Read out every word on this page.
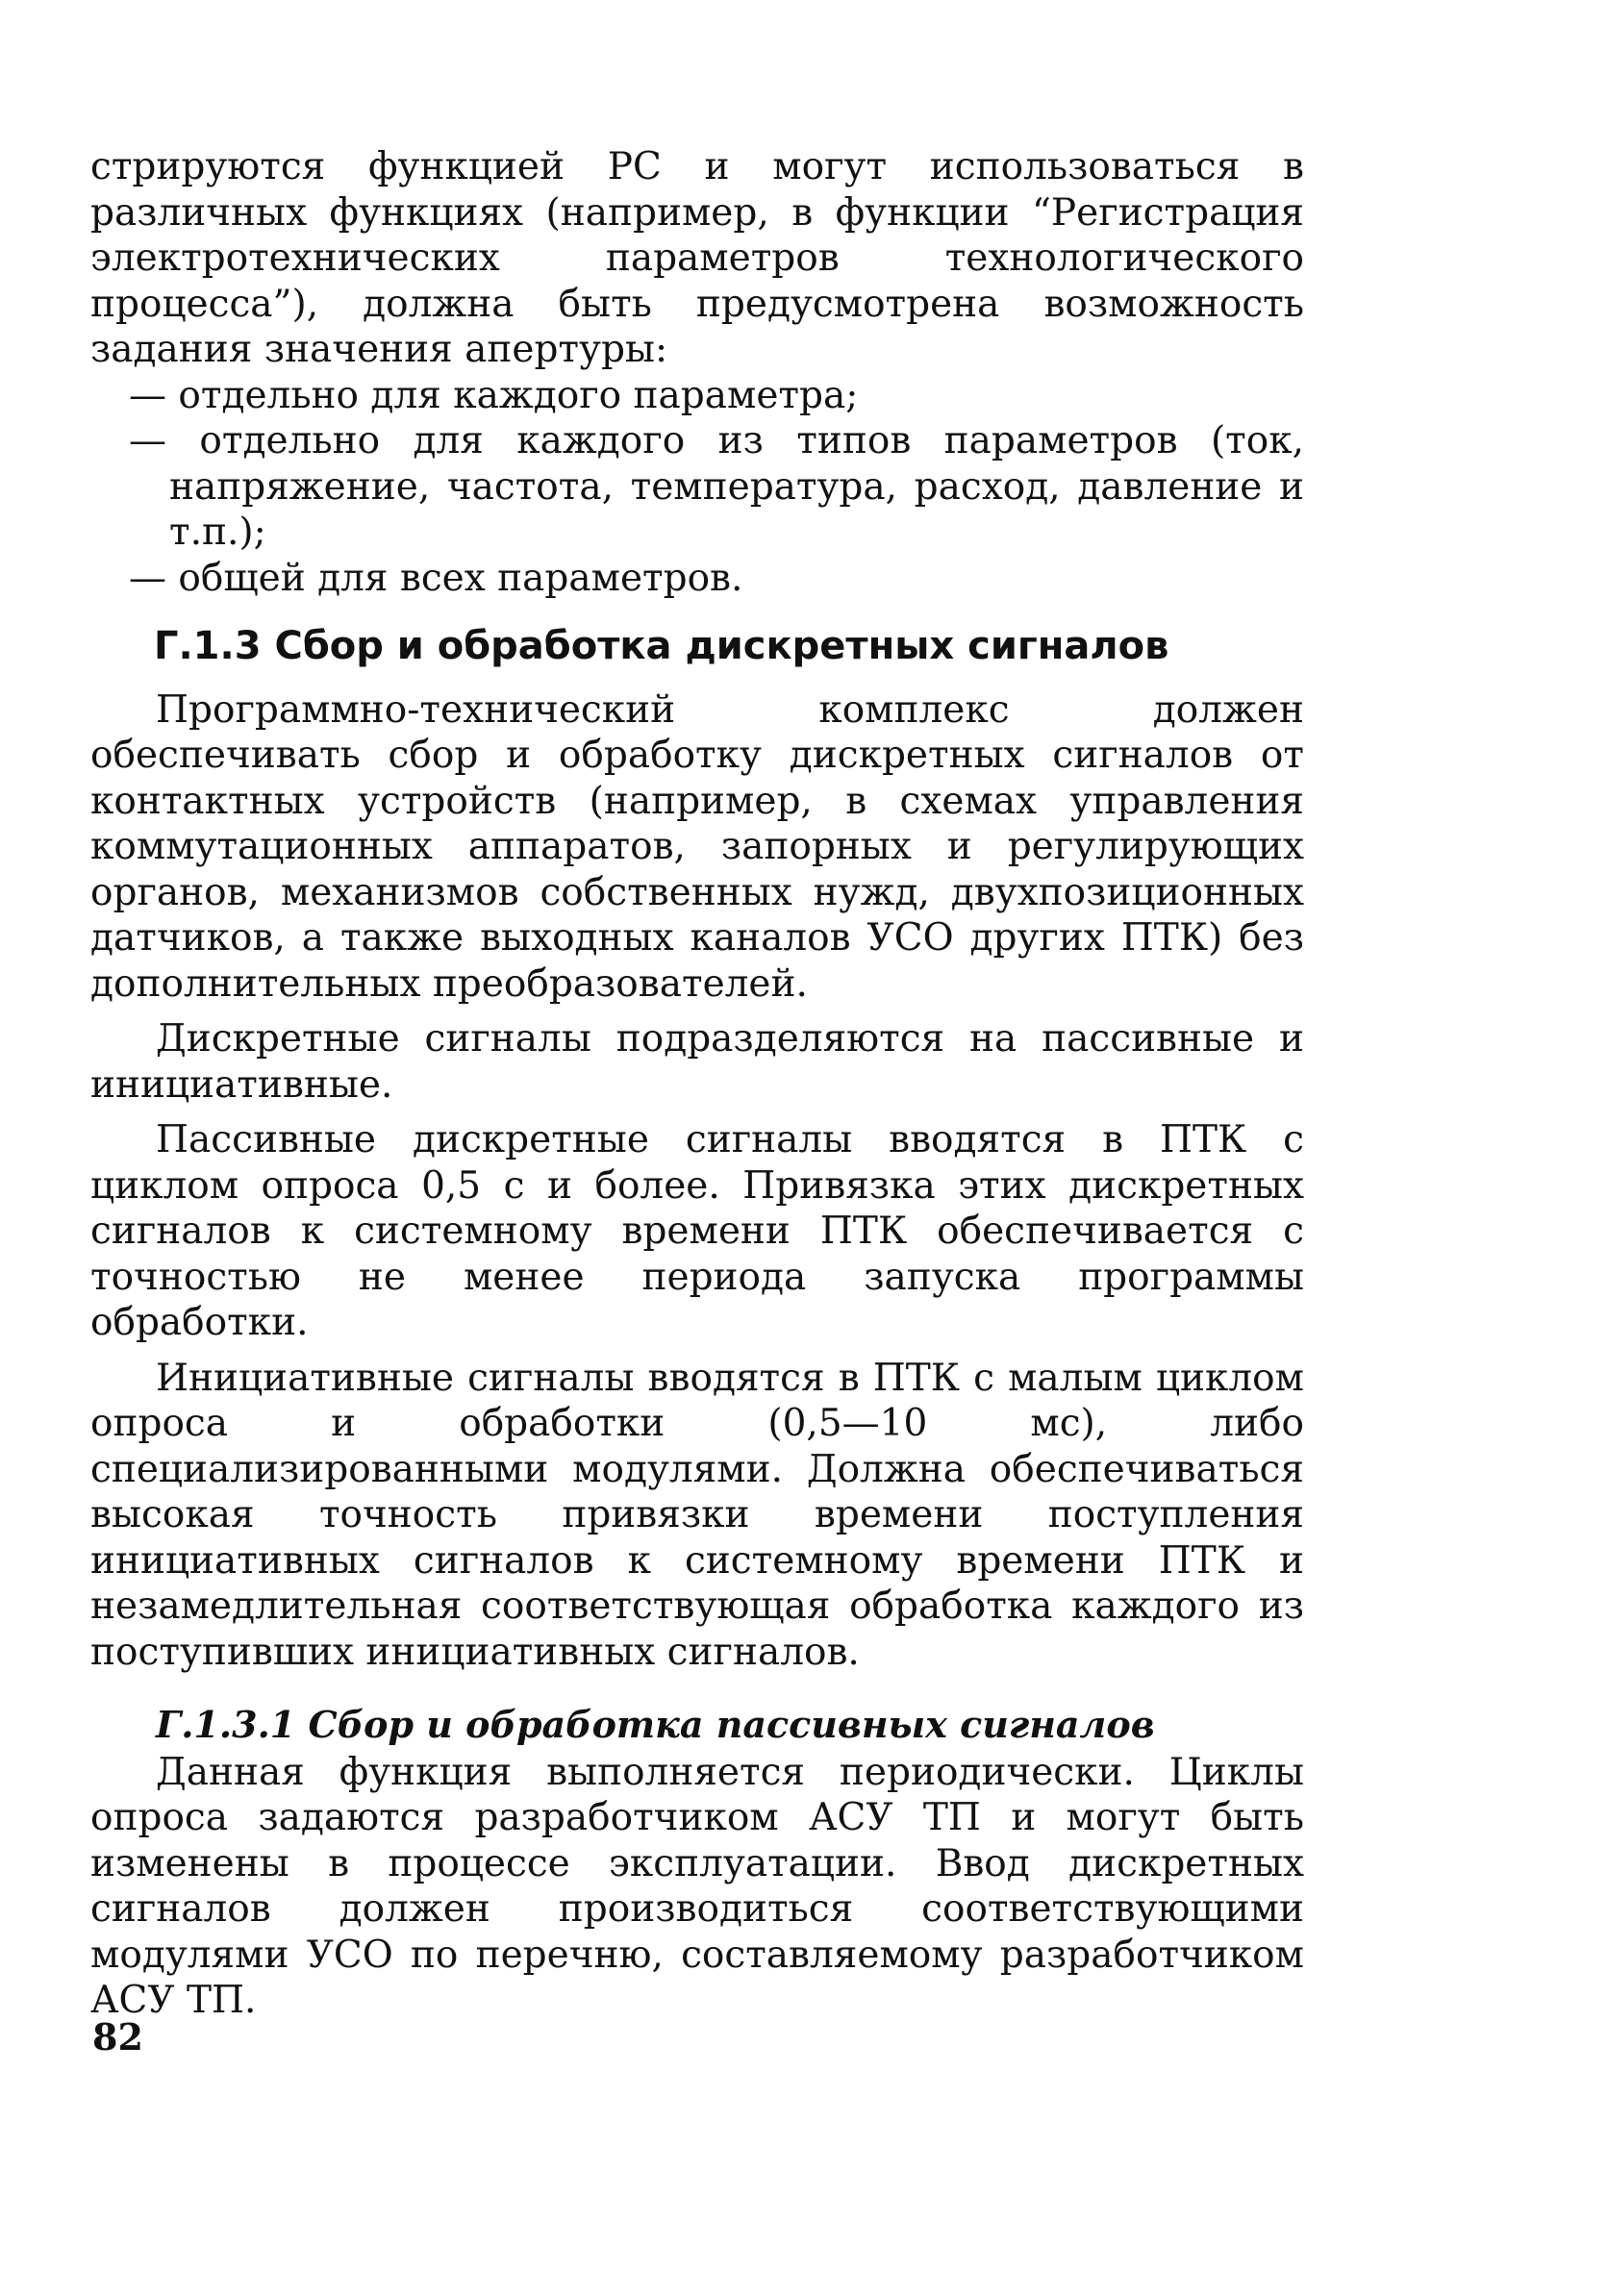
стрируются функцией РС и могут использоваться в различных функциях (например, в функции “Регистрация электротехнических параметров технологического процесса”), должна быть предусмотрена возможность задания значения апертуры:

— отдельно для каждого параметра;

— отдельно для каждого из типов параметров (ток, напряжение, частота, температура, расход, давление и т.п.);

— общей для всех параметров.

Г.1.3 Сбор и обработка дискретных сигналов

Программно-технический комплекс должен обеспечивать сбор и обработку дискретных сигналов от контактных устройств (например, в схемах управления коммутационных аппаратов, запорных и регулирующих органов, механизмов собственных нужд, двухпозиционных датчиков, а также выходных каналов УСО других ПТК) без дополнительных преобразователей.

Дискретные сигналы подразделяются на пассивные и инициативные.

Пассивные дискретные сигналы вводятся в ПТК с циклом опроса 0,5 с и более. Привязка этих дискретных сигналов к системному времени ПТК обеспечивается с точностью не менее периода запуска программы обработки.

Инициативные сигналы вводятся в ПТК с малым циклом опроса и обработки (0,5—10 мс), либо специализированными модулями. Должна обеспечиваться высокая точность привязки времени поступления инициативных сигналов к системному времени ПТК и незамедлительная соответствующая обработка каждого из поступивших инициативных сигналов.

Г.1.3.1 Сбор и обработка пассивных сигналов

Данная функция выполняется периодически. Циклы опроса задаются разработчиком АСУ ТП и могут быть изменены в процессе эксплуатации. Ввод дискретных сигналов должен производиться соответствующими модулями УСО по перечню, составляемому разработчиком АСУ ТП.

82
